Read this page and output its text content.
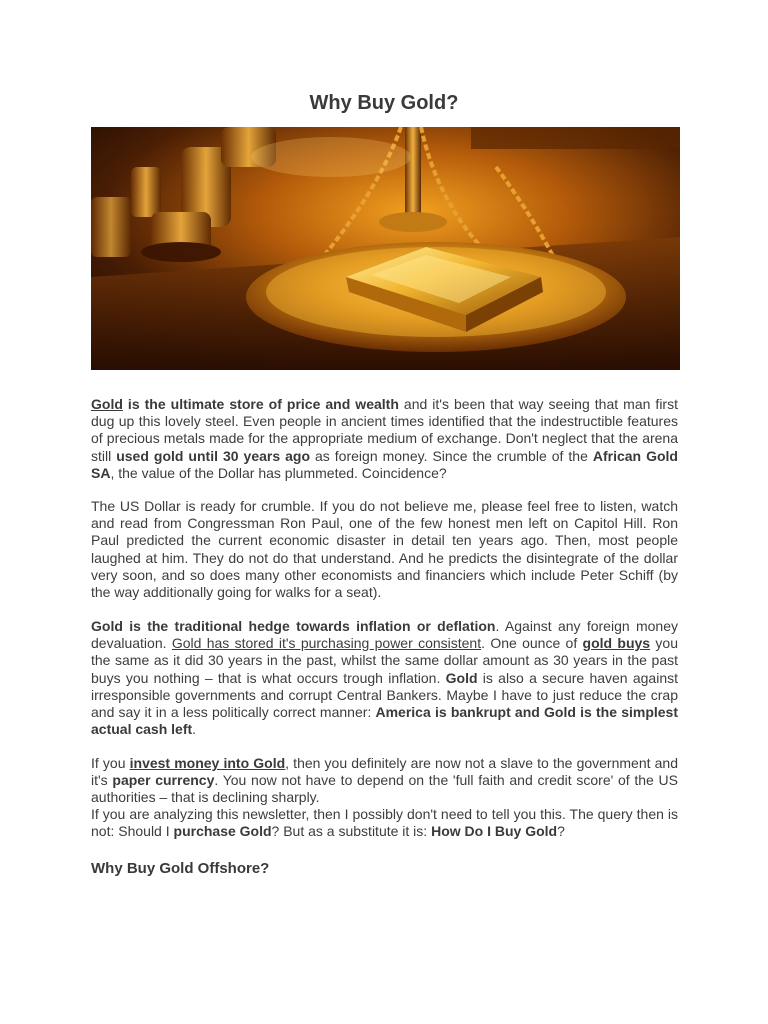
Why Buy Gold?

Gold is the ultimate store of price and wealth and it's been that way seeing that man first dug up this lovely steel. Even people in ancient times identified that the indestructible features of precious metals made for the appropriate medium of exchange. Don't neglect that the arena still used gold until 30 years ago as foreign money. Since the crumble of the African Gold SA, the value of the Dollar has plummeted. Coincidence?

The US Dollar is ready for crumble. If you do not believe me, please feel free to listen, watch and read from Congressman Ron Paul, one of the few honest men left on Capitol Hill. Ron Paul predicted the current economic disaster in detail ten years ago. Then, most people laughed at him. They do not do that understand. And he predicts the disintegrate of the dollar very soon, and so does many other economists and financiers which include Peter Schiff (by the way additionally going for walks for a seat).

Gold is the traditional hedge towards inflation or deflation. Against any foreign money devaluation. Gold has stored it's purchasing power consistent. One ounce of gold buys you the same as it did 30 years in the past, whilst the same dollar amount as 30 years in the past buys you nothing – that is what occurs trough inflation. Gold is also a secure haven against irresponsible governments and corrupt Central Bankers. Maybe I have to just reduce the crap and say it in a less politically correct manner: America is bankrupt and Gold is the simplest actual cash left.

If you invest money into Gold, then you definitely are now not a slave to the government and it's paper currency. You now not have to depend on the 'full faith and credit score' of the US authorities – that is declining sharply.

If you are analyzing this newsletter, then I possibly don't need to tell you this. The query then is not: Should I purchase Gold? But as a substitute it is: How Do I Buy Gold?

Why Buy Gold Offshore?
